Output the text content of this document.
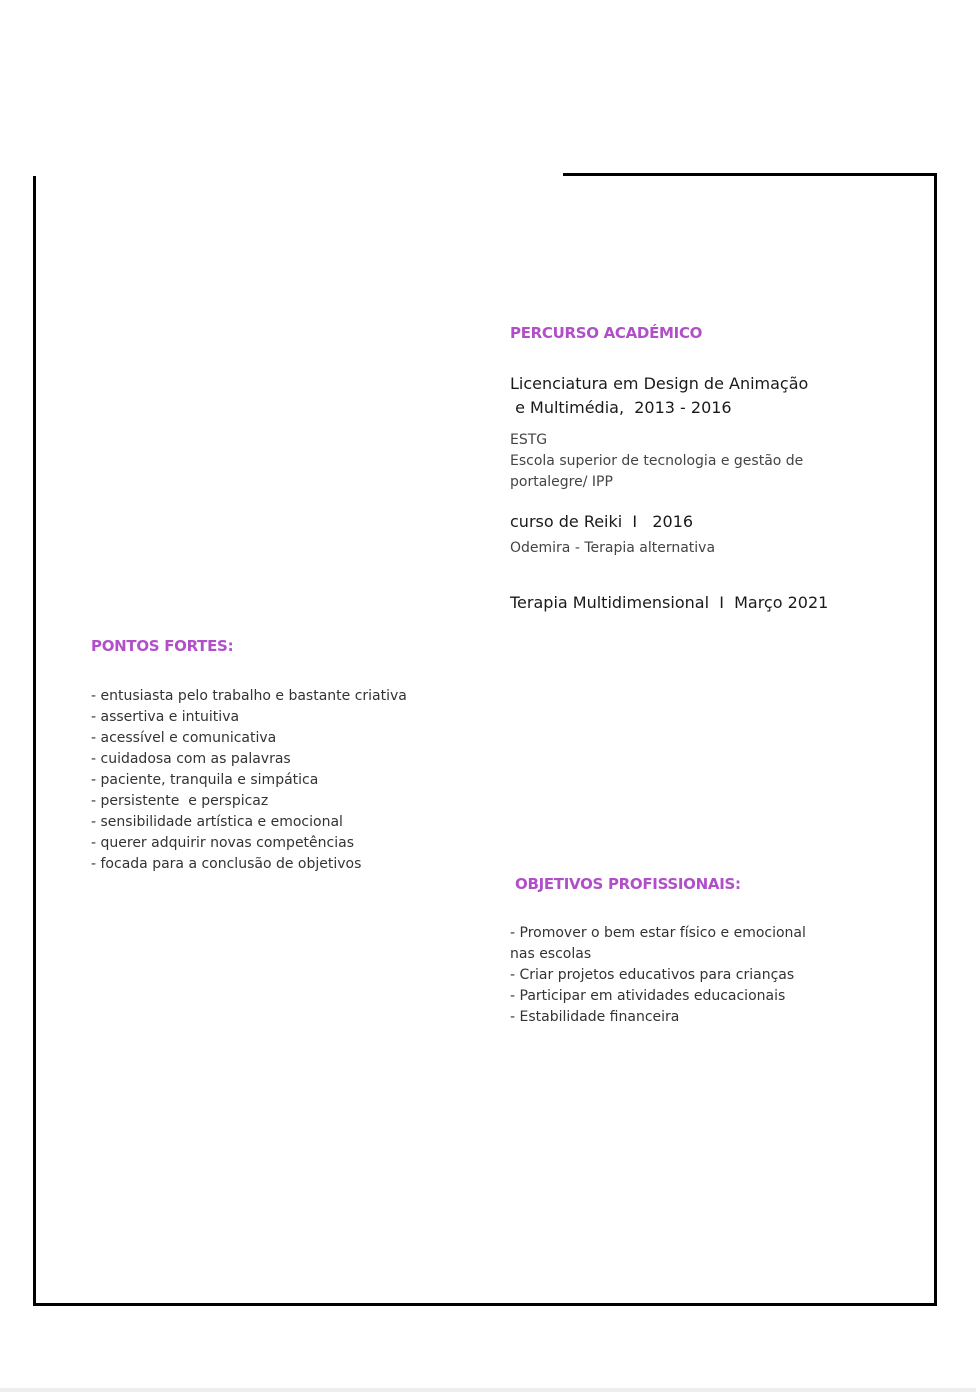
PERCURSO ACADÉMICO

Licenciatura em Design de Animação

e Multimédia,  2013 - 2016

ESTG

Escola superior de tecnologia e gestão de

portalegre/ IPP

curso de Reiki  I   2016

Odemira - Terapia alternativa

Terapia Multidimensional  I  Março 2021

PONTOS FORTES:
- entusiasta pelo trabalho e bastante criativa
- assertiva e intuitiva
- acessível e comunicativa
- cuidadosa com as palavras
- paciente, tranquila e simpática
- persistente  e perspicaz
- sensibilidade artística e emocional
- querer adquirir novas competências
- focada para a conclusão de objetivos
OBJETIVOS PROFISSIONAIS:
- Promover o bem estar físico e emocional
nas escolas
- Criar projetos educativos para crianças
- Participar em atividades educacionais
- Estabilidade financeira
